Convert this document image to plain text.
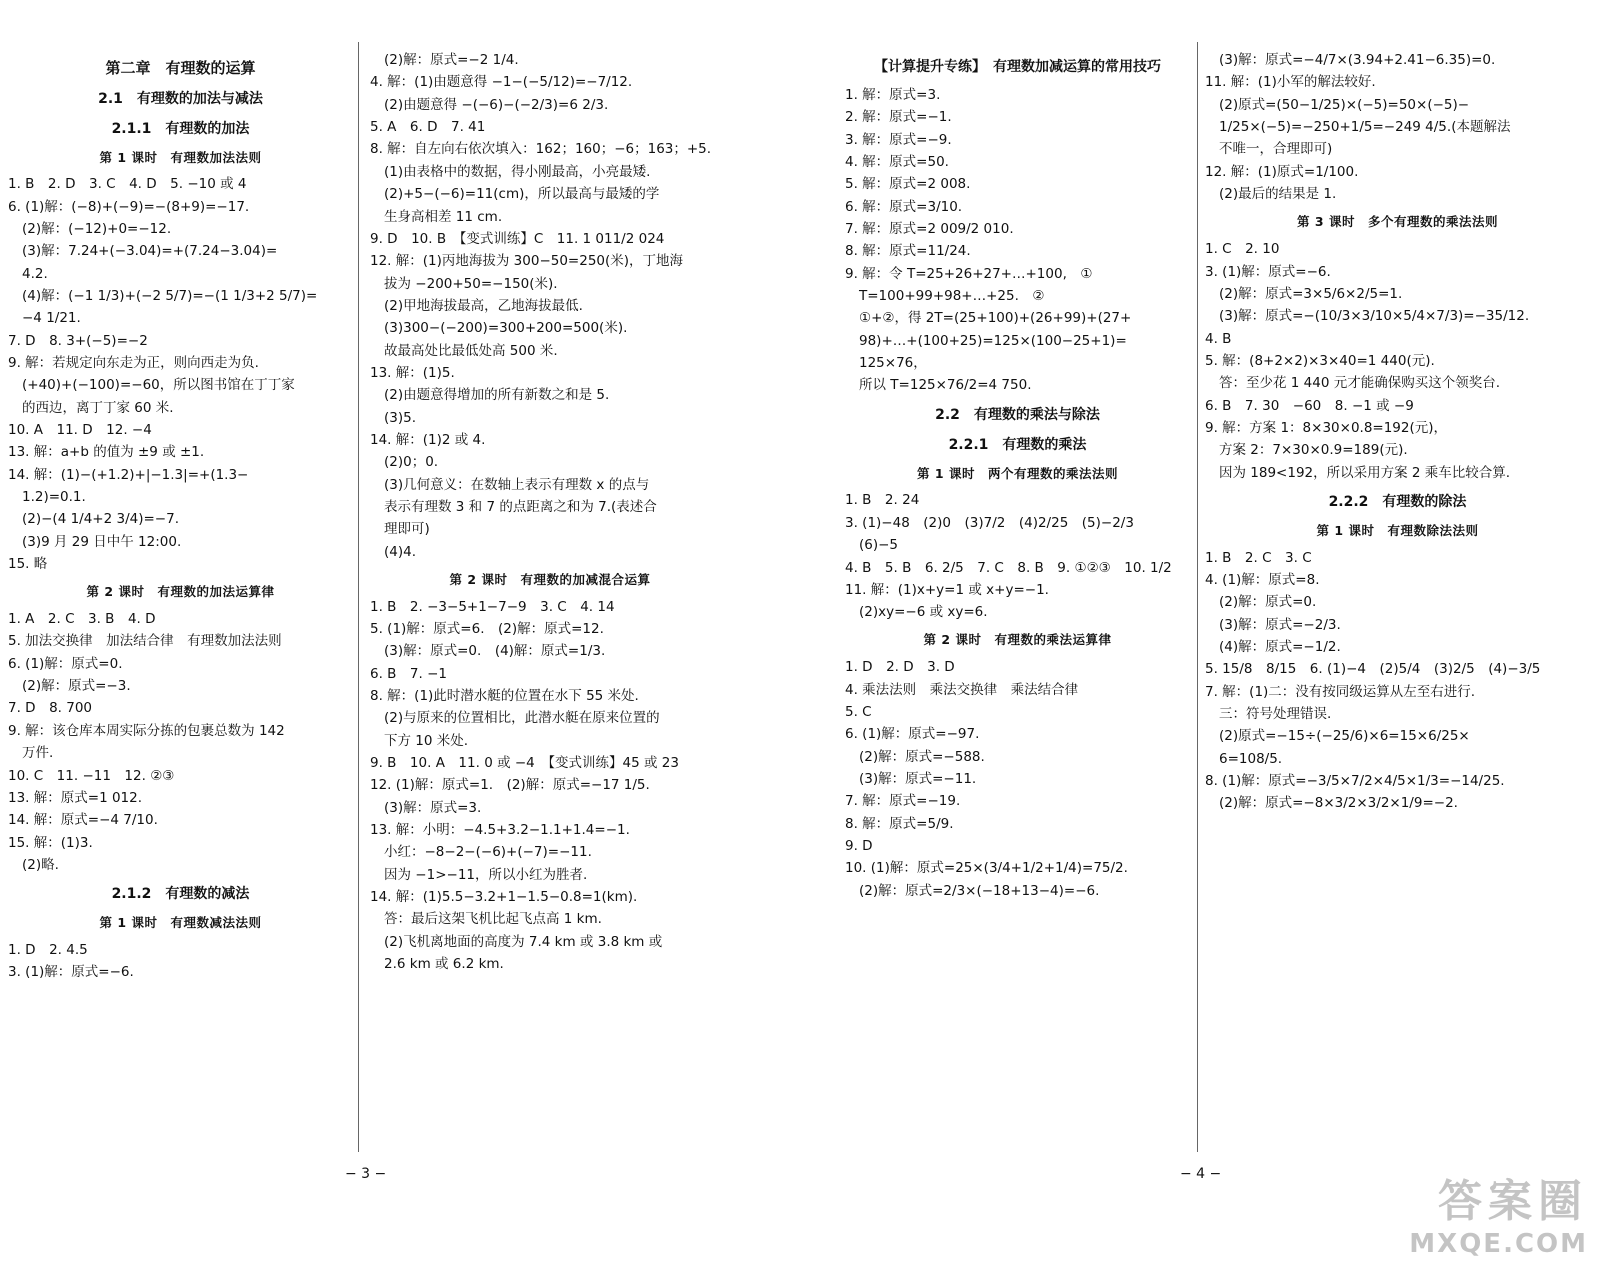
第二章　有理数的运算
2.1　有理数的加法与减法
2.1.1　有理数的加法
第 1 课时　有理数加法法则
1. B　2. D　3. C　4. D　5. −10 或 4
6. (1)解：(−8)+(−9)=−(8+9)=−17.
(2)解：(−12)+0=−12.
(3)解：7.24+(−3.04)=+(7.24−3.04)=
4.2.
(4)解：(−1 1/3)+(−2 5/7)=−(1 1/3+2 5/7)=
−4 1/21.
7. D　8. 3+(−5)=−2
9. 解：若规定向东走为正，则向西走为负.
(+40)+(−100)=−60，所以图书馆在丁丁家
的西边，离丁丁家 60 米.
10. A　11. D　12. −4
13. 解：a+b 的值为 ±9 或 ±1.
14. 解：(1)−(+1.2)+|−1.3|=+(1.3−
1.2)=0.1.
(2)−(4 1/4+2 3/4)=−7.
(3)9 月 29 日中午 12:00.
15. 略
第 2 课时　有理数的加法运算律
1. A　2. C　3. B　4. D
5. 加法交换律　加法结合律　有理数加法法则
6. (1)解：原式=0.
(2)解：原式=−3.
7. D　8. 700
9. 解：该仓库本周实际分拣的包裹总数为 142
万件.
10. C　11. −11　12. ②③
13. 解：原式=1 012.
14. 解：原式=−4 7/10.
15. 解：(1)3.
(2)略.
2.1.2　有理数的减法
第 1 课时　有理数减法法则
1. D　2. 4.5
3. (1)解：原式=−6.
(2)解：原式=−2 1/4.
4. 解：(1)由题意得 −1−(−5/12)=−7/12.
(2)由题意得 −(−6)−(−2/3)=6 2/3.
5. A　6. D　7. 41
8. 解：自左向右依次填入：162；160；−6；163；+5.
(1)由表格中的数据，得小刚最高，小亮最矮.
(2)+5−(−6)=11(cm)，所以最高与最矮的学
生身高相差 11 cm.
9. D　10. B　【变式训练】C　11. 1 011/2 024
12. 解：(1)丙地海拔为 300−50=250(米)，丁地海
拔为 −200+50=−150(米).
(2)甲地海拔最高，乙地海拔最低.
(3)300−(−200)=300+200=500(米).
故最高处比最低处高 500 米.
13. 解：(1)5.
(2)由题意得增加的所有新数之和是 5.
(3)5.
14. 解：(1)2 或 4.
(2)0；0.
(3)几何意义：在数轴上表示有理数 x 的点与
表示有理数 3 和 7 的点距离之和为 7.(表述合
理即可)
(4)4.
第 2 课时　有理数的加减混合运算
1. B　2. −3−5+1−7−9　3. C　4. 14
5. (1)解：原式=6.　(2)解：原式=12.
(3)解：原式=0.　(4)解：原式=1/3.
6. B　7. −1
8. 解：(1)此时潜水艇的位置在水下 55 米处.
(2)与原来的位置相比，此潜水艇在原来位置的
下方 10 米处.
9. B　10. A　11. 0 或 −4　【变式训练】45 或 23
12. (1)解：原式=1.　(2)解：原式=−17 1/5.
(3)解：原式=3.
13. 解：小明：−4.5+3.2−1.1+1.4=−1.
小红：−8−2−(−6)+(−7)=−11.
因为 −1>−11，所以小红为胜者.
14. 解：(1)5.5−3.2+1−1.5−0.8=1(km).
答：最后这架飞机比起飞点高 1 km.
(2)飞机离地面的高度为 7.4 km 或 3.8 km 或
2.6 km 或 6.2 km.
【计算提升专练】　有理数加减运算的常用技巧
1. 解：原式=3.
2. 解：原式=−1.
3. 解：原式=−9.
4. 解：原式=50.
5. 解：原式=2 008.
6. 解：原式=3/10.
7. 解：原式=2 009/2 010.
8. 解：原式=11/24.
9. 解：令 T=25+26+27+…+100,　①
T=100+99+98+…+25.　②
①+②，得 2T=(25+100)+(26+99)+(27+
98)+…+(100+25)=125×(100−25+1)=
125×76，
所以 T=125×76/2=4 750.
2.2　有理数的乘法与除法
2.2.1　有理数的乘法
第 1 课时　两个有理数的乘法法则
1. B　2. 24
3. (1)−48　(2)0　(3)7/2　(4)2/25　(5)−2/3
(6)−5
4. B　5. B　6. 2/5　7. C　8. B　9. ①②③　10. 1/2
11. 解：(1)x+y=1 或 x+y=−1.
(2)xy=−6 或 xy=6.
第 2 课时　有理数的乘法运算律
1. D　2. D　3. D
4. 乘法法则　乘法交换律　乘法结合律
5. C
6. (1)解：原式=−97.
(2)解：原式=−588.
(3)解：原式=−11.
7. 解：原式=−19.
8. 解：原式=5/9.
9. D
10. (1)解：原式=25×(3/4+1/2+1/4)=75/2.
(2)解：原式=2/3×(−18+13−4)=−6.
(3)解：原式=−4/7×(3.94+2.41−6.35)=0.
11. 解：(1)小军的解法较好.
(2)原式=(50−1/25)×(−5)=50×(−5)−
1/25×(−5)=−250+1/5=−249 4/5.(本题解法
不唯一，合理即可)
12. 解：(1)原式=1/100.
(2)最后的结果是 1.
第 3 课时　多个有理数的乘法法则
1. C　2. 10
3. (1)解：原式=−6.
(2)解：原式=3×5/6×2/5=1.
(3)解：原式=−(10/3×3/10×5/4×7/3)=−35/12.
4. B
5. 解：(8+2×2)×3×40=1 440(元).
答：至少花 1 440 元才能确保购买这个领奖台.
6. B　7. 30　−60　8. −1 或 −9
9. 解：方案 1：8×30×0.8=192(元)，
方案 2：7×30×0.9=189(元).
因为 189<192，所以采用方案 2 乘车比较合算.
2.2.2　有理数的除法
第 1 课时　有理数除法法则
1. B　2. C　3. C
4. (1)解：原式=8.
(2)解：原式=0.
(3)解：原式=−2/3.
(4)解：原式=−1/2.
5. 15/8　8/15　6. (1)−4　(2)5/4　(3)2/5　(4)−3/5
7. 解：(1)二：没有按同级运算从左至右进行.
三：符号处理错误.
(2)原式=−15÷(−25/6)×6=15×6/25×
6=108/5.
8. (1)解：原式=−3/5×7/2×4/5×1/3=−14/25.
(2)解：原式=−8×3/2×3/2×1/9=−2.
− 3 −	− 4 −
答案圈
MXQE.COM
